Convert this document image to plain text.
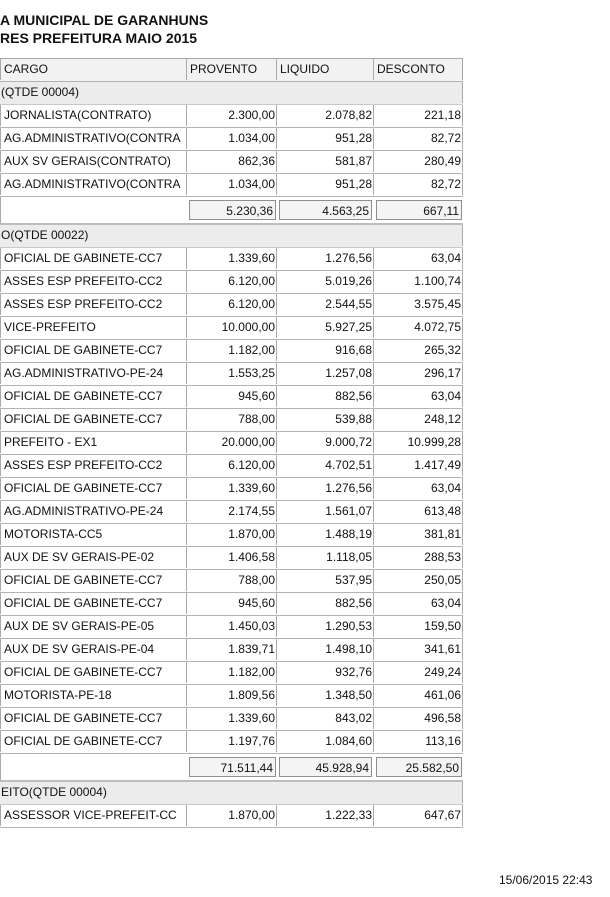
A MUNICIPAL DE GARANHUNS
RES PREFEITURA MAIO 2015
CARGO	PROVENTO	LIQUIDO	DESCONTO
(QTDE 00004)
JORNALISTA(CONTRATO)	2.300,00	2.078,82	221,18
AG.ADMINISTRATIVO(CONTRA	1.034,00	951,28	82,72
AUX SV GERAIS(CONTRATO)	862,36	581,87	280,49
AG.ADMINISTRATIVO(CONTRA	1.034,00	951,28	82,72
5.230,36	4.563,25	667,11
O(QTDE 00022)
OFICIAL DE GABINETE-CC7	1.339,60	1.276,56	63,04
ASSES ESP PREFEITO-CC2	6.120,00	5.019,26	1.100,74
ASSES ESP PREFEITO-CC2	6.120,00	2.544,55	3.575,45
VICE-PREFEITO	10.000,00	5.927,25	4.072,75
OFICIAL DE GABINETE-CC7	1.182,00	916,68	265,32
AG.ADMINISTRATIVO-PE-24	1.553,25	1.257,08	296,17
OFICIAL DE GABINETE-CC7	945,60	882,56	63,04
OFICIAL DE GABINETE-CC7	788,00	539,88	248,12
PREFEITO - EX1	20.000,00	9.000,72	10.999,28
ASSES ESP PREFEITO-CC2	6.120,00	4.702,51	1.417,49
OFICIAL DE GABINETE-CC7	1.339,60	1.276,56	63,04
AG.ADMINISTRATIVO-PE-24	2.174,55	1.561,07	613,48
MOTORISTA-CC5	1.870,00	1.488,19	381,81
AUX DE SV GERAIS-PE-02	1.406,58	1.118,05	288,53
OFICIAL DE GABINETE-CC7	788,00	537,95	250,05
OFICIAL DE GABINETE-CC7	945,60	882,56	63,04
AUX DE SV GERAIS-PE-05	1.450,03	1.290,53	159,50
AUX DE SV GERAIS-PE-04	1.839,71	1.498,10	341,61
OFICIAL DE GABINETE-CC7	1.182,00	932,76	249,24
MOTORISTA-PE-18	1.809,56	1.348,50	461,06
OFICIAL DE GABINETE-CC7	1.339,60	843,02	496,58
OFICIAL DE GABINETE-CC7	1.197,76	1.084,60	113,16
71.511,44	45.928,94	25.582,50
EITO(QTDE 00004)
ASSESSOR VICE-PREFEIT-CC	1.870,00	1.222,33	647,67
15/06/2015 22:43
